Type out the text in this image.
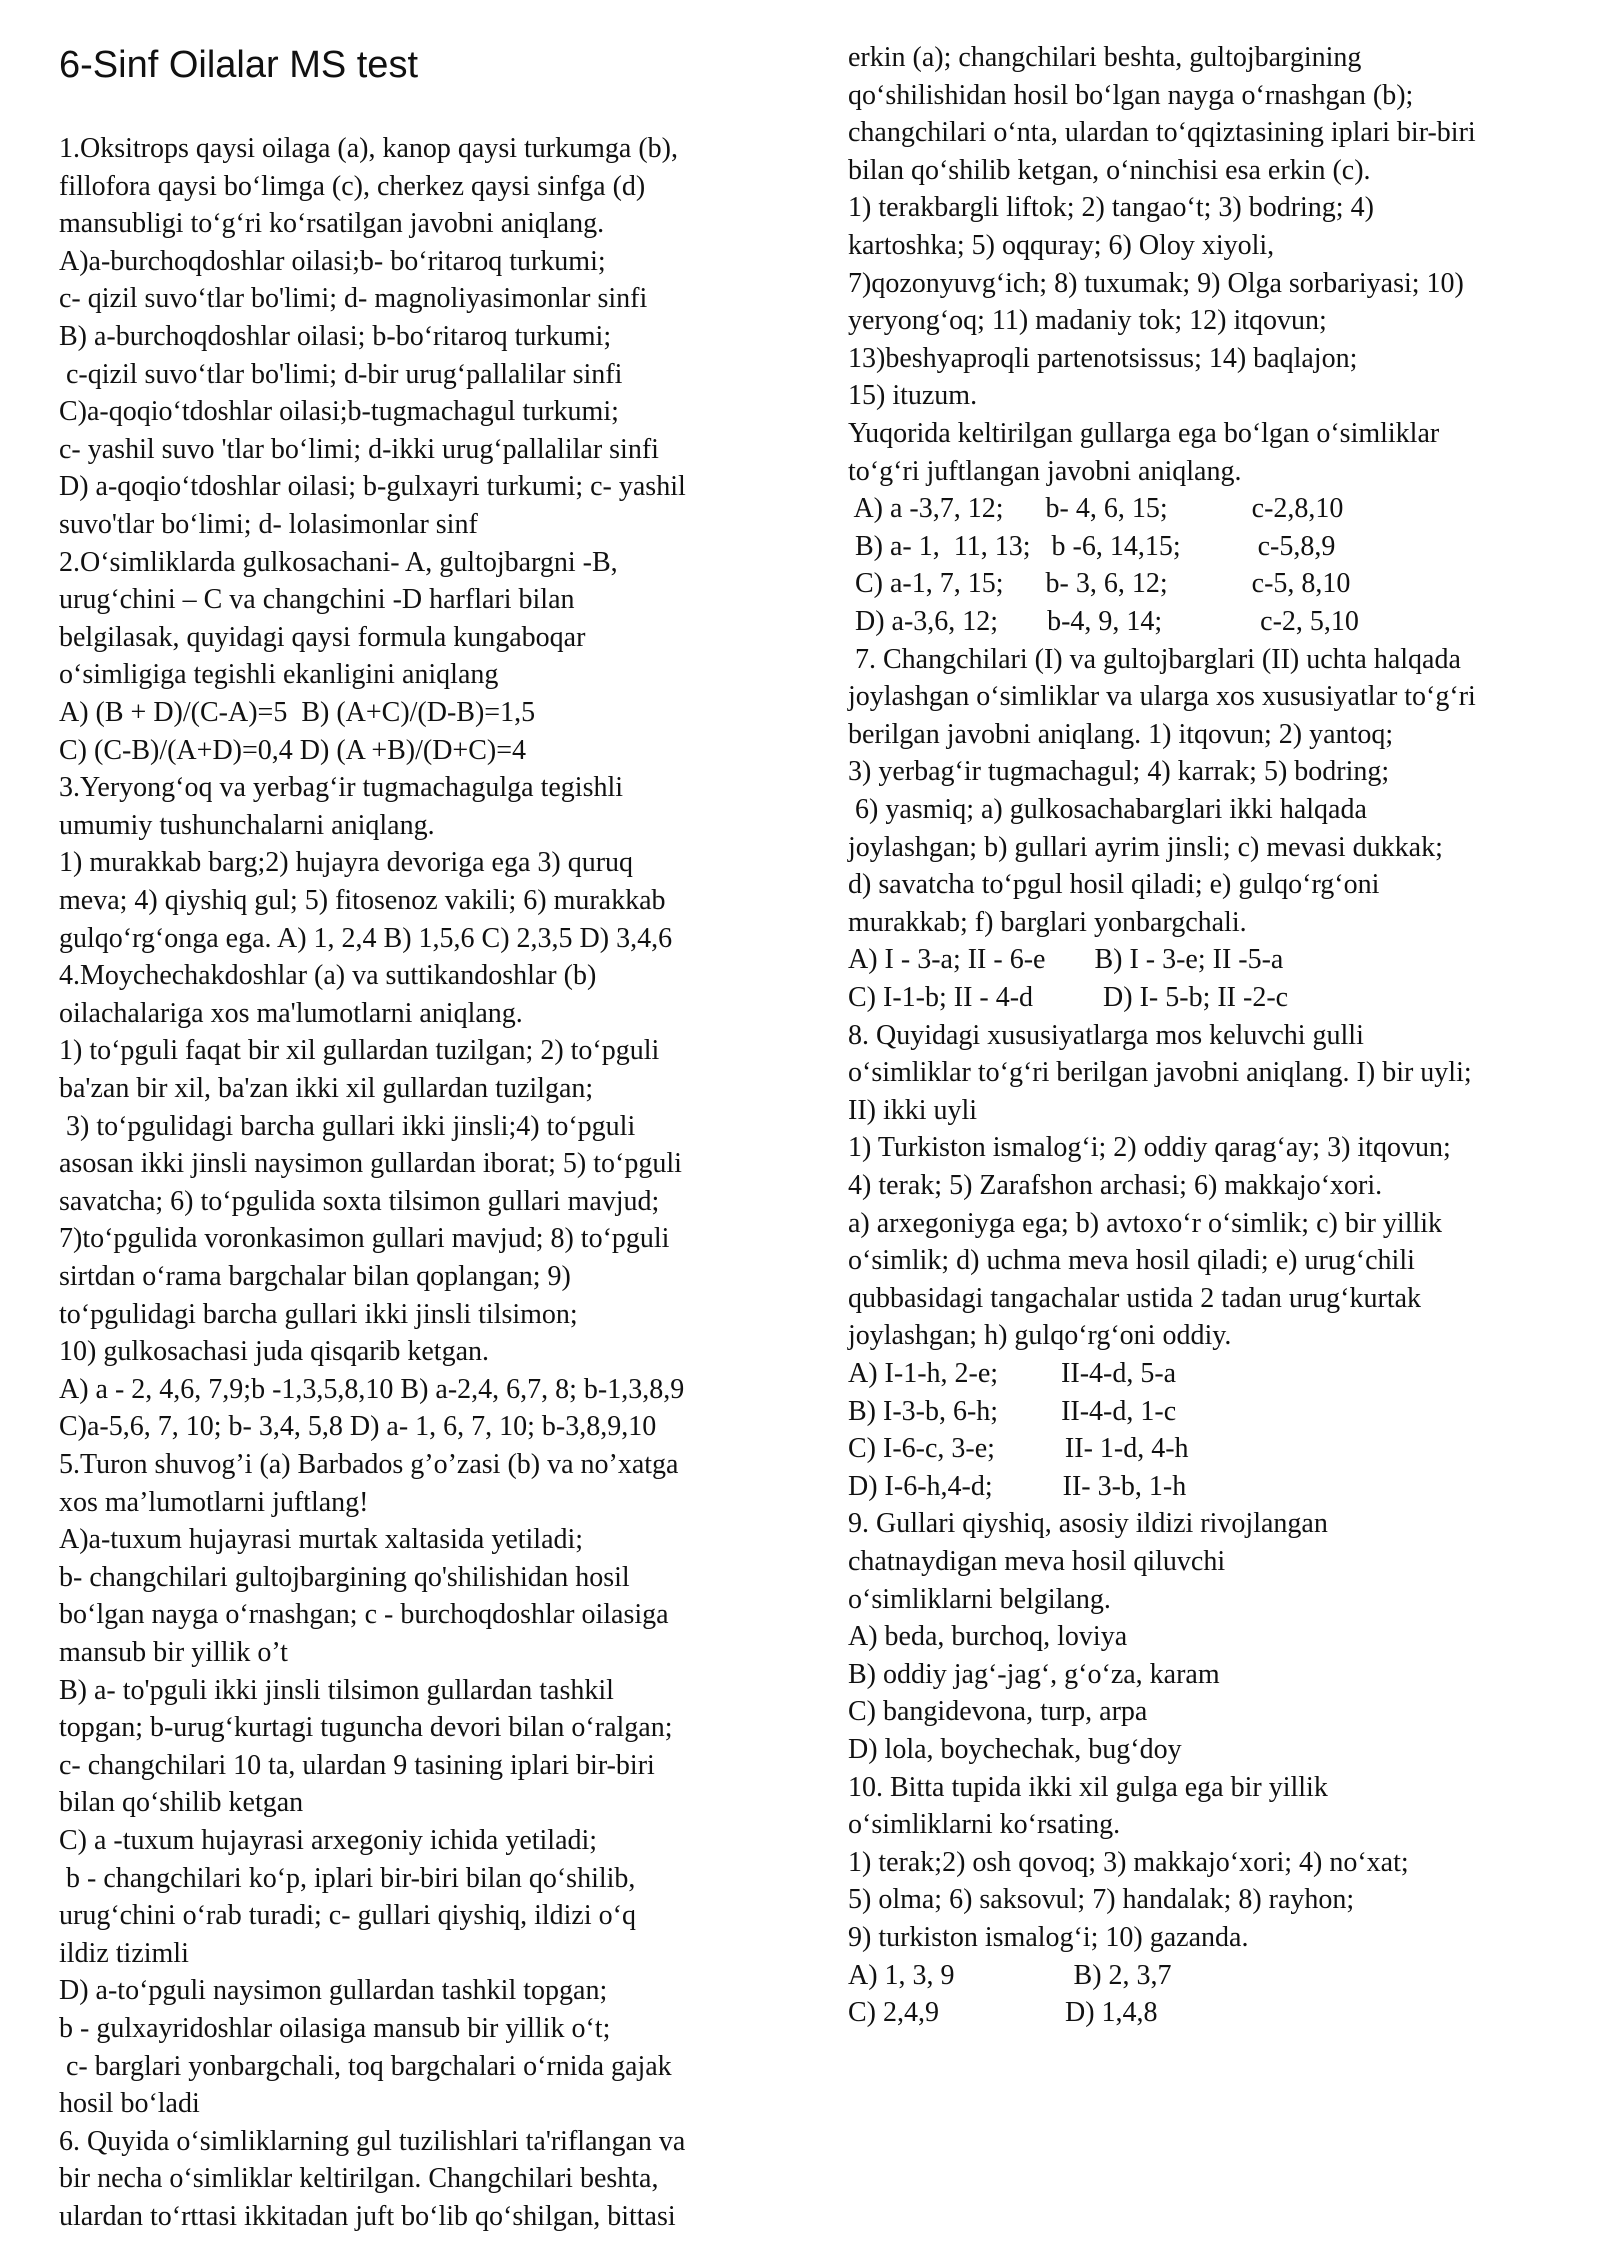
6-Sinf Oilalar MS test
1.Oksitrops qaysi oilaga (a), kanop qaysi turkumga (b),
fillofora qaysi bo‘limga (c), cherkez qaysi sinfga (d)
mansubligi to‘g‘ri ko‘rsatilgan javobni aniqlang.
A)a-burchoqdoshlar oilasi;b- bo‘ritaroq turkumi;
c- qizil suvo‘tlar bo'limi; d- magnoliyasimonlar sinfi
B) a-burchoqdoshlar oilasi; b-bo‘ritaroq turkumi;
c-qizil suvo‘tlar bo'limi; d-bir urug‘pallalilar sinfi
C)a-qoqio‘tdoshlar oilasi;b-tugmachagul turkumi;
c- yashil suvo 'tlar bo‘limi; d-ikki urug‘pallalilar sinfi
D) a-qoqio‘tdoshlar oilasi; b-gulxayri turkumi; c- yashil
suvo'tlar bo‘limi; d- lolasimonlar sinf
2.O‘simliklarda gulkosachani- A, gultojbargni -B,
urug‘chini – C va changchini -D harflari bilan
belgilasak, quyidagi qaysi formula kungaboqar
o‘simligiga tegishli ekanligini aniqlang
A) (B + D)/(C-A)=5  B) (A+C)/(D-B)=1,5
C) (C-B)/(A+D)=0,4 D) (A +B)/(D+C)=4
3.Yeryong‘oq va yerbag‘ir tugmachagulga tegishli
umumiy tushunchalarni aniqlang.
1) murakkab barg;2) hujayra devoriga ega 3) quruq
meva; 4) qiyshiq gul; 5) fitosenoz vakili; 6) murakkab
gulqo‘rg‘onga ega. A) 1, 2,4 B) 1,5,6 C) 2,3,5 D) 3,4,6
4.Moychechakdoshlar (a) va suttikandoshlar (b)
oilachalariga xos ma'lumotlarni aniqlang.
1) to‘pguli faqat bir xil gullardan tuzilgan; 2) to‘pguli
ba'zan bir xil, ba'zan ikki xil gullardan tuzilgan;
3) to‘pgulidagi barcha gullari ikki jinsli;4) to‘pguli
asosan ikki jinsli naysimon gullardan iborat; 5) to‘pguli
savatcha; 6) to‘pgulida soxta tilsimon gullari mavjud;
7)to‘pgulida voronkasimon gullari mavjud; 8) to‘pguli
sirtdan o‘rama bargchalar bilan qoplangan; 9)
to‘pgulidagi barcha gullari ikki jinsli tilsimon;
10) gulkosachasi juda qisqarib ketgan.
A) a - 2, 4,6, 7,9;b -1,3,5,8,10 B) a-2,4, 6,7, 8; b-1,3,8,9
C)a-5,6, 7, 10; b- 3,4, 5,8 D) a- 1, 6, 7, 10; b-3,8,9,10
5.Turon shuvog’i (a) Barbados g’o’zasi (b) va no’xatga
xos ma’lumotlarni juftlang!
A)a-tuxum hujayrasi murtak xaltasida yetiladi;
b- changchilari gultojbargining qo'shilishidan hosil
bo‘lgan nayga o‘rnashgan; c - burchoqdoshlar oilasiga
mansub bir yillik o’t
B) a- to'pguli ikki jinsli tilsimon gullardan tashkil
topgan; b-urug‘kurtagi tuguncha devori bilan o‘ralgan;
c- changchilari 10 ta, ulardan 9 tasining iplari bir-biri
bilan qo‘shilib ketgan
C) a -tuxum hujayrasi arxegoniy ichida yetiladi;
b - changchilari ko‘p, iplari bir-biri bilan qo‘shilib,
urug‘chini o‘rab turadi; c- gullari qiyshiq, ildizi o‘q
ildiz tizimli
D) a-to‘pguli naysimon gullardan tashkil topgan;
b - gulxayridoshlar oilasiga mansub bir yillik o‘t;
c- barglari yonbargchali, toq bargchalari o‘rnida gajak
hosil bo‘ladi
6. Quyida o‘simliklarning gul tuzilishlari ta'riflangan va
bir necha o‘simliklar keltirilgan. Changchilari beshta,
ulardan to‘rttasi ikkitadan juft bo‘lib qo‘shilgan, bittasi
erkin (a); changchilari beshta, gultojbargining
qo‘shilishidan hosil bo‘lgan nayga o‘rnashgan (b);
changchilari o‘nta, ulardan to‘qqiztasining iplari bir-biri
bilan qo‘shilib ketgan, o‘ninchisi esa erkin (c).
1) terakbargli liftok; 2) tangao‘t; 3) bodring; 4)
kartoshka; 5) oqquray; 6) Oloy xiyoli,
7)qozonyuvg‘ich; 8) tuxumak; 9) Olga sorbariyasi; 10)
yeryong‘oq; 11) madaniy tok; 12) itqovun;
13)beshyaproqli partenotsissus; 14) baqlajon;
15) ituzum.
Yuqorida keltirilgan gullarga ega bo‘lgan o‘simliklar
to‘g‘ri juftlangan javobni aniqlang.
A) a -3,7, 12;      b- 4, 6, 15;            c-2,8,10
B) a- 1,  11, 13;   b -6, 14,15;           c-5,8,9
C) a-1, 7, 15;      b- 3, 6, 12;            c-5, 8,10
D) a-3,6, 12;       b-4, 9, 14;              c-2, 5,10
7. Changchilari (I) va gultojbarglari (II) uchta halqada
joylashgan o‘simliklar va ularga xos xususiyatlar to‘g‘ri
berilgan javobni aniqlang. 1) itqovun; 2) yantoq;
3) yerbag‘ir tugmachagul; 4) karrak; 5) bodring;
6) yasmiq; a) gulkosachabarglari ikki halqada
joylashgan; b) gullari ayrim jinsli; c) mevasi dukkak;
d) savatcha to‘pgul hosil qiladi; e) gulqo‘rg‘oni
murakkab; f) barglari yonbargchali.
A) I - 3-a; II - 6-e       B) I - 3-e; II -5-a
C) I-1-b; II - 4-d          D) I- 5-b; II -2-c
8. Quyidagi xususiyatlarga mos keluvchi gulli
o‘simliklar to‘g‘ri berilgan javobni aniqlang. I) bir uyli;
II) ikki uyli
1) Turkiston ismalog‘i; 2) oddiy qarag‘ay; 3) itqovun;
4) terak; 5) Zarafshon archasi; 6) makkajo‘xori.
a) arxegoniyga ega; b) avtoxo‘r o‘simlik; c) bir yillik
o‘simlik; d) uchma meva hosil qiladi; e) urug‘chili
qubbasidagi tangachalar ustida 2 tadan urug‘kurtak
joylashgan; h) gulqo‘rg‘oni oddiy.
A) I-1-h, 2-e;         II-4-d, 5-a
B) I-3-b, 6-h;         II-4-d, 1-c
C) I-6-c, 3-e;          II- 1-d, 4-h
D) I-6-h,4-d;          II- 3-b, 1-h
9. Gullari qiyshiq, asosiy ildizi rivojlangan
chatnaydigan meva hosil qiluvchi
o‘simliklarni belgilang.
A) beda, burchoq, loviya
B) oddiy jag‘-jag‘, g‘o‘za, karam
C) bangidevona, turp, arpa
D) lola, boychechak, bug‘doy
10. Bitta tupida ikki xil gulga ega bir yillik
o‘simliklarni ko‘rsating.
1) terak;2) osh qovoq; 3) makkajo‘xori; 4) no‘xat;
5) olma; 6) saksovul; 7) handalak; 8) rayhon;
9) turkiston ismalog‘i; 10) gazanda.
A) 1, 3, 9                 B) 2, 3,7
C) 2,4,9                  D) 1,4,8
